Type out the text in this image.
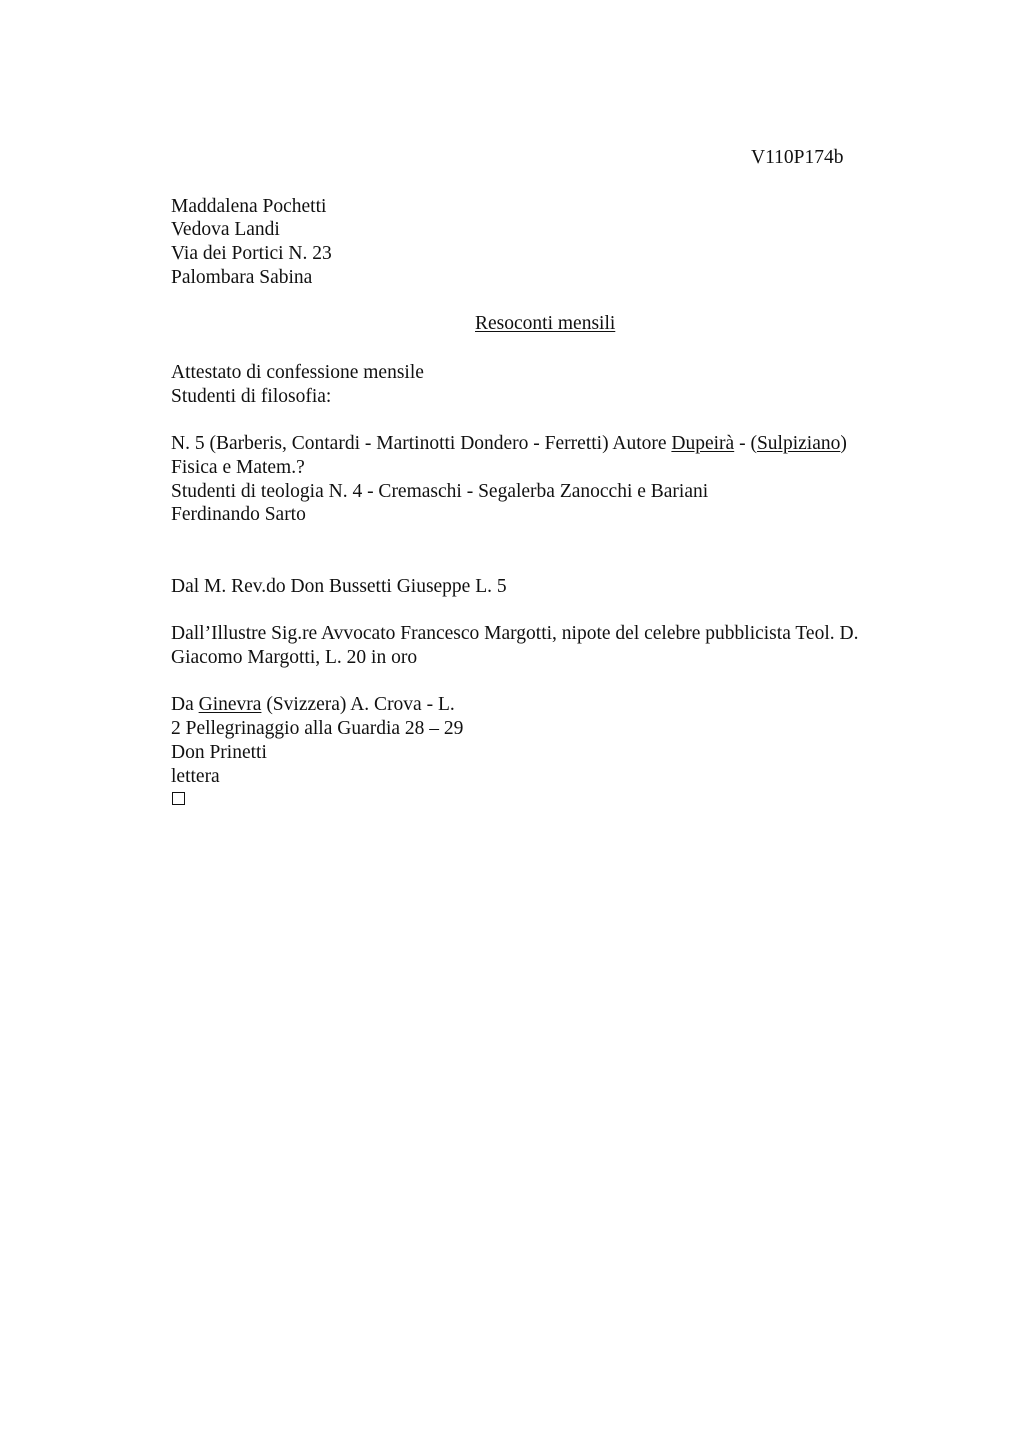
V110P174b
Maddalena Pochetti
Vedova Landi
Via dei Portici N. 23
Palombara Sabina
Resoconti mensili
Attestato di confessione mensile
Studenti di filosofia:
N. 5 (Barberis, Contardi - Martinotti Dondero - Ferretti) Autore Dupeirà - (Sulpiziano)
Fisica e Matem.?
Studenti di teologia N. 4 - Cremaschi - Segalerba Zanocchi e Bariani
Ferdinando Sarto
Dal M. Rev.do Don Bussetti Giuseppe L. 5
Dall’Illustre Sig.re Avvocato Francesco Margotti, nipote del celebre pubblicista Teol. D.
Giacomo Margotti, L. 20 in oro
Da Ginevra (Svizzera) A. Crova - L.
2 Pellegrinaggio alla Guardia 28 – 29
Don Prinetti
lettera
